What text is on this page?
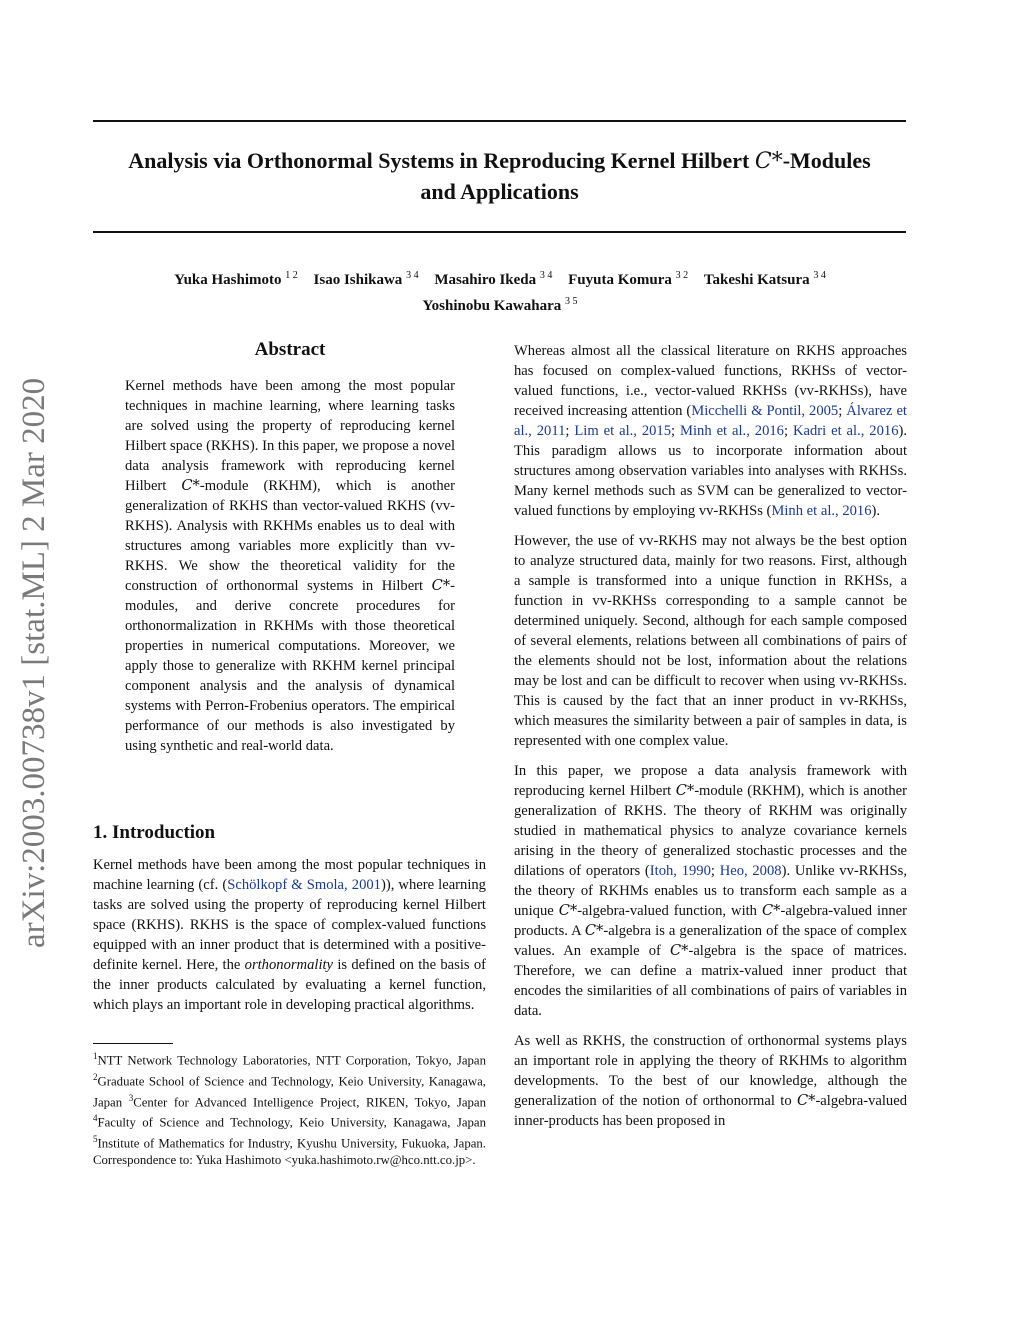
arXiv:2003.00738v1 [stat.ML] 2 Mar 2020
Analysis via Orthonormal Systems in Reproducing Kernel Hilbert C*-Modules
and Applications
Yuka Hashimoto $^{1 2}$ Isao Ishikawa $^{3 4}$ Masahiro Ikeda $^{3 4}$ Fuyuta Komura $^{3 2}$ Takeshi Katsura $^{3 4}$
Yoshinobu Kawahara $^{3 5}$
Abstract
Kernel methods have been among the most popular techniques in machine learning, where learning tasks are solved using the property of reproducing kernel Hilbert space (RKHS). In this paper, we propose a novel data analysis framework with reproducing kernel Hilbert C*-module (RKHM), which is another generalization of RKHS than vector-valued RKHS (vv-RKHS). Analysis with RKHMs enables us to deal with structures among variables more explicitly than vv-RKHS. We show the theoretical validity for the construction of orthonormal systems in Hilbert C*-modules, and derive concrete procedures for orthonormalization in RKHMs with those theoretical properties in numerical computations. Moreover, we apply those to generalize with RKHM kernel principal component analysis and the analysis of dynamical systems with Perron-Frobenius operators. The empirical performance of our methods is also investigated by using synthetic and real-world data.
1. Introduction
Kernel methods have been among the most popular techniques in machine learning (cf. (Schölkopf & Smola, 2001)), where learning tasks are solved using the property of reproducing kernel Hilbert space (RKHS). RKHS is the space of complex-valued functions equipped with an inner product that is determined with a positive-definite kernel. Here, the orthonormality is defined on the basis of the inner products calculated by evaluating a kernel function, which plays an important role in developing practical algorithms.
$^1$NTT Network Technology Laboratories, NTT Corporation, Tokyo, Japan $^2$Graduate School of Science and Technology, Keio University, Kanagawa, Japan $^3$Center for Advanced Intelligence Project, RIKEN, Tokyo, Japan $^4$Faculty of Science and Technology, Keio University, Kanagawa, Japan $^5$Institute of Mathematics for Industry, Kyushu University, Fukuoka, Japan. Correspondence to: Yuka Hashimoto <yuka.hashimoto.rw@hco.ntt.co.jp>.

Whereas almost all the classical literature on RKHS approaches has focused on complex-valued functions, RKHSs of vector-valued functions, i.e., vector-valued RKHSs (vv-RKHSs), have received increasing attention (Micchelli & Pontil, 2005; Álvarez et al., 2011; Lim et al., 2015; Minh et al., 2016; Kadri et al., 2016). This paradigm allows us to incorporate information about structures among observation variables into analyses with RKHSs. Many kernel methods such as SVM can be generalized to vector-valued functions by employing vv-RKHSs (Minh et al., 2016).

However, the use of vv-RKHS may not always be the best option to analyze structured data, mainly for two reasons. First, although a sample is transformed into a unique function in RKHSs, a function in vv-RKHSs corresponding to a sample cannot be determined uniquely. Second, although for each sample composed of several elements, relations between all combinations of pairs of the elements should not be lost, information about the relations may be lost and can be difficult to recover when using vv-RKHSs. This is caused by the fact that an inner product in vv-RKHSs, which measures the similarity between a pair of samples in data, is represented with one complex value.

In this paper, we propose a data analysis framework with reproducing kernel Hilbert C*-module (RKHM), which is another generalization of RKHS. The theory of RKHM was originally studied in mathematical physics to analyze covariance kernels arising in the theory of generalized stochastic processes and the dilations of operators (Itoh, 1990; Heo, 2008). Unlike vv-RKHSs, the theory of RKHMs enables us to transform each sample as a unique C*-algebra-valued function, with C*-algebra-valued inner products. A C*-algebra is a generalization of the space of complex values. An example of C*-algebra is the space of matrices. Therefore, we can define a matrix-valued inner product that encodes the similarities of all combinations of pairs of variables in data.

As well as RKHS, the construction of orthonormal systems plays an important role in applying the theory of RKHMs to algorithm developments. To the best of our knowledge, although the generalization of the notion of orthonormal to C*-algebra-valued inner-products has been proposed in
